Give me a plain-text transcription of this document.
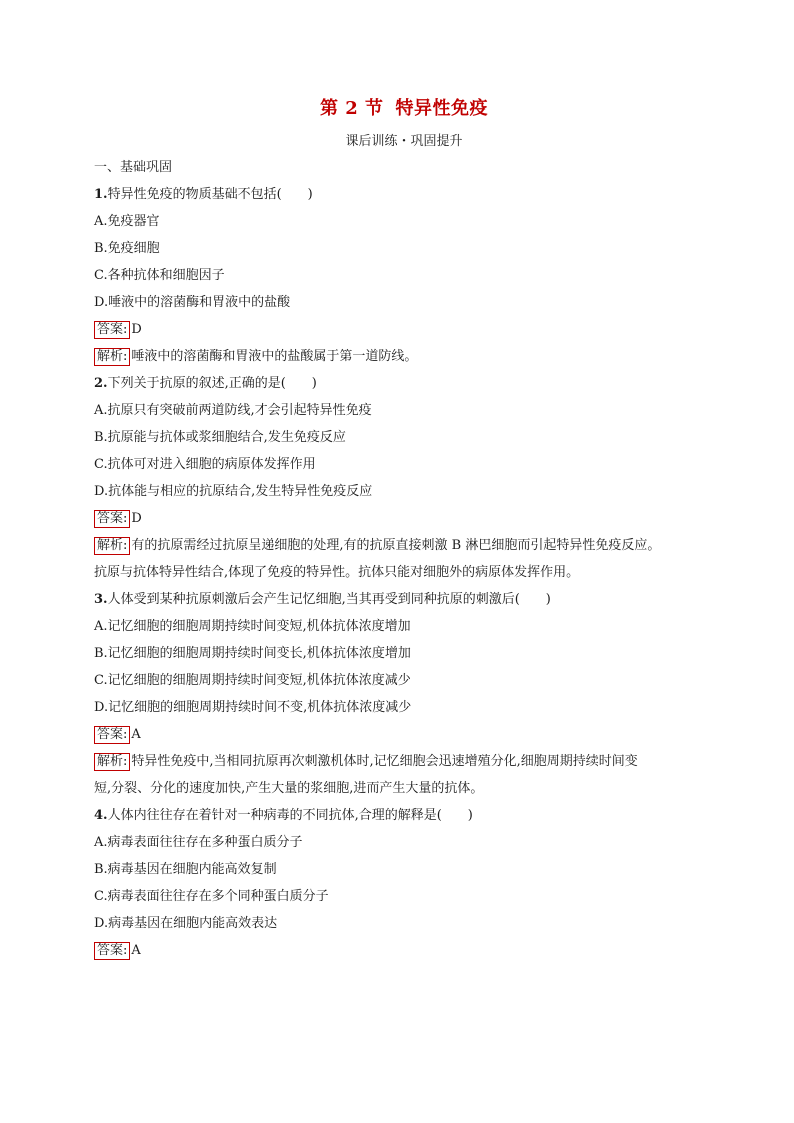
第 2 节 特异性免疫
课后训练・巩固提升
一、基础巩固
1.特异性免疫的物质基础不包括(　　)
A.免疫器官
B.免疫细胞
C.各种抗体和细胞因子
D.唾液中的溶菌酶和胃液中的盐酸
答案: D
解析: 唾液中的溶菌酶和胃液中的盐酸属于第一道防线。
2.下列关于抗原的叙述,正确的是(　　)
A.抗原只有突破前两道防线,才会引起特异性免疫
B.抗原能与抗体或浆细胞结合,发生免疫反应
C.抗体可对进入细胞的病原体发挥作用
D.抗体能与相应的抗原结合,发生特异性免疫反应
答案: D
解析: 有的抗原需经过抗原呈递细胞的处理,有的抗原直接刺激 B 淋巴细胞而引起特异性免疫反应。
抗原与抗体特异性结合,体现了免疫的特异性。抗体只能对细胞外的病原体发挥作用。
3.人体受到某种抗原刺激后会产生记忆细胞,当其再受到同种抗原的刺激后(　　)
A.记忆细胞的细胞周期持续时间变短,机体抗体浓度增加
B.记忆细胞的细胞周期持续时间变长,机体抗体浓度增加
C.记忆细胞的细胞周期持续时间变短,机体抗体浓度减少
D.记忆细胞的细胞周期持续时间不变,机体抗体浓度减少
答案: A
解析: 特异性免疫中,当相同抗原再次刺激机体时,记忆细胞会迅速增殖分化,细胞周期持续时间变
短,分裂、分化的速度加快,产生大量的浆细胞,进而产生大量的抗体。
4.人体内往往存在着针对一种病毒的不同抗体,合理的解释是(　　)
A.病毒表面往往存在多种蛋白质分子
B.病毒基因在细胞内能高效复制
C.病毒表面往往存在多个同种蛋白质分子
D.病毒基因在细胞内能高效表达
答案: A
